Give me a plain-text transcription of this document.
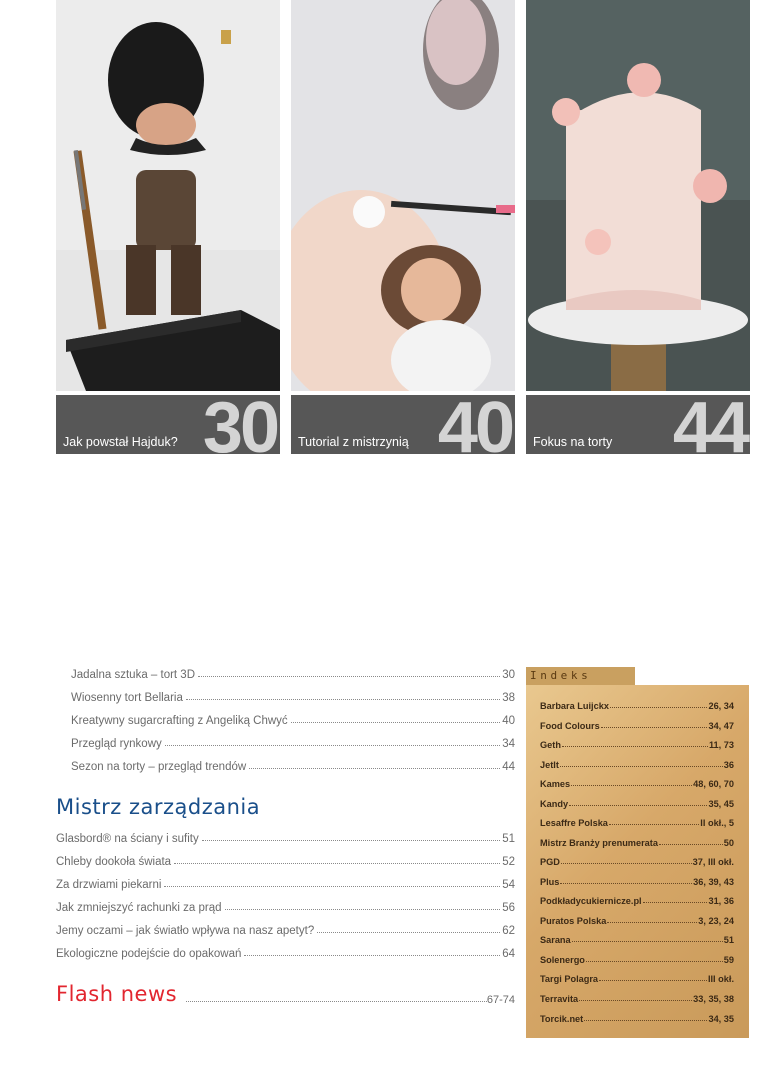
Jak powstał Hajduk? 30 Tutorial z mistrzynią 40 Fokus na torty 44
Jadalna sztuka – tort 3D	30
Wiosenny tort Bellaria	38
Kreatywny sugarcrafting z Angeliką Chwyć	40
Przegląd rynkowy	34
Sezon na torty – przegląd trendów	44
Mistrz zarządzania
Glasbord® na ściany i sufity	51
Chleby dookoła świata	52
Za drzwiami piekarni	54
Jak zmniejszyć rachunki za prąd	56
Jemy oczami – jak światło wpływa na nasz apetyt?	62
Ekologiczne podejście do opakowań	64
Flash news	67-74
Indeks
Barbara Luijckx	26, 34
Food Colours	34, 47
Geth	11, 73
JetIt	36
Kames	48, 60, 70
Kandy	35, 45
Lesaffre Polska	II okł., 5
Mistrz Branży prenumerata	50
PGD	37, III okł.
Plus	36, 39, 43
Podkładycukiernicze.pl	31, 36
Puratos Polska	3, 23, 24
Sarana	51
Solenergo	59
Targi Polagra	III okł.
Terravita	33, 35, 38
Torcik.net	34, 35
